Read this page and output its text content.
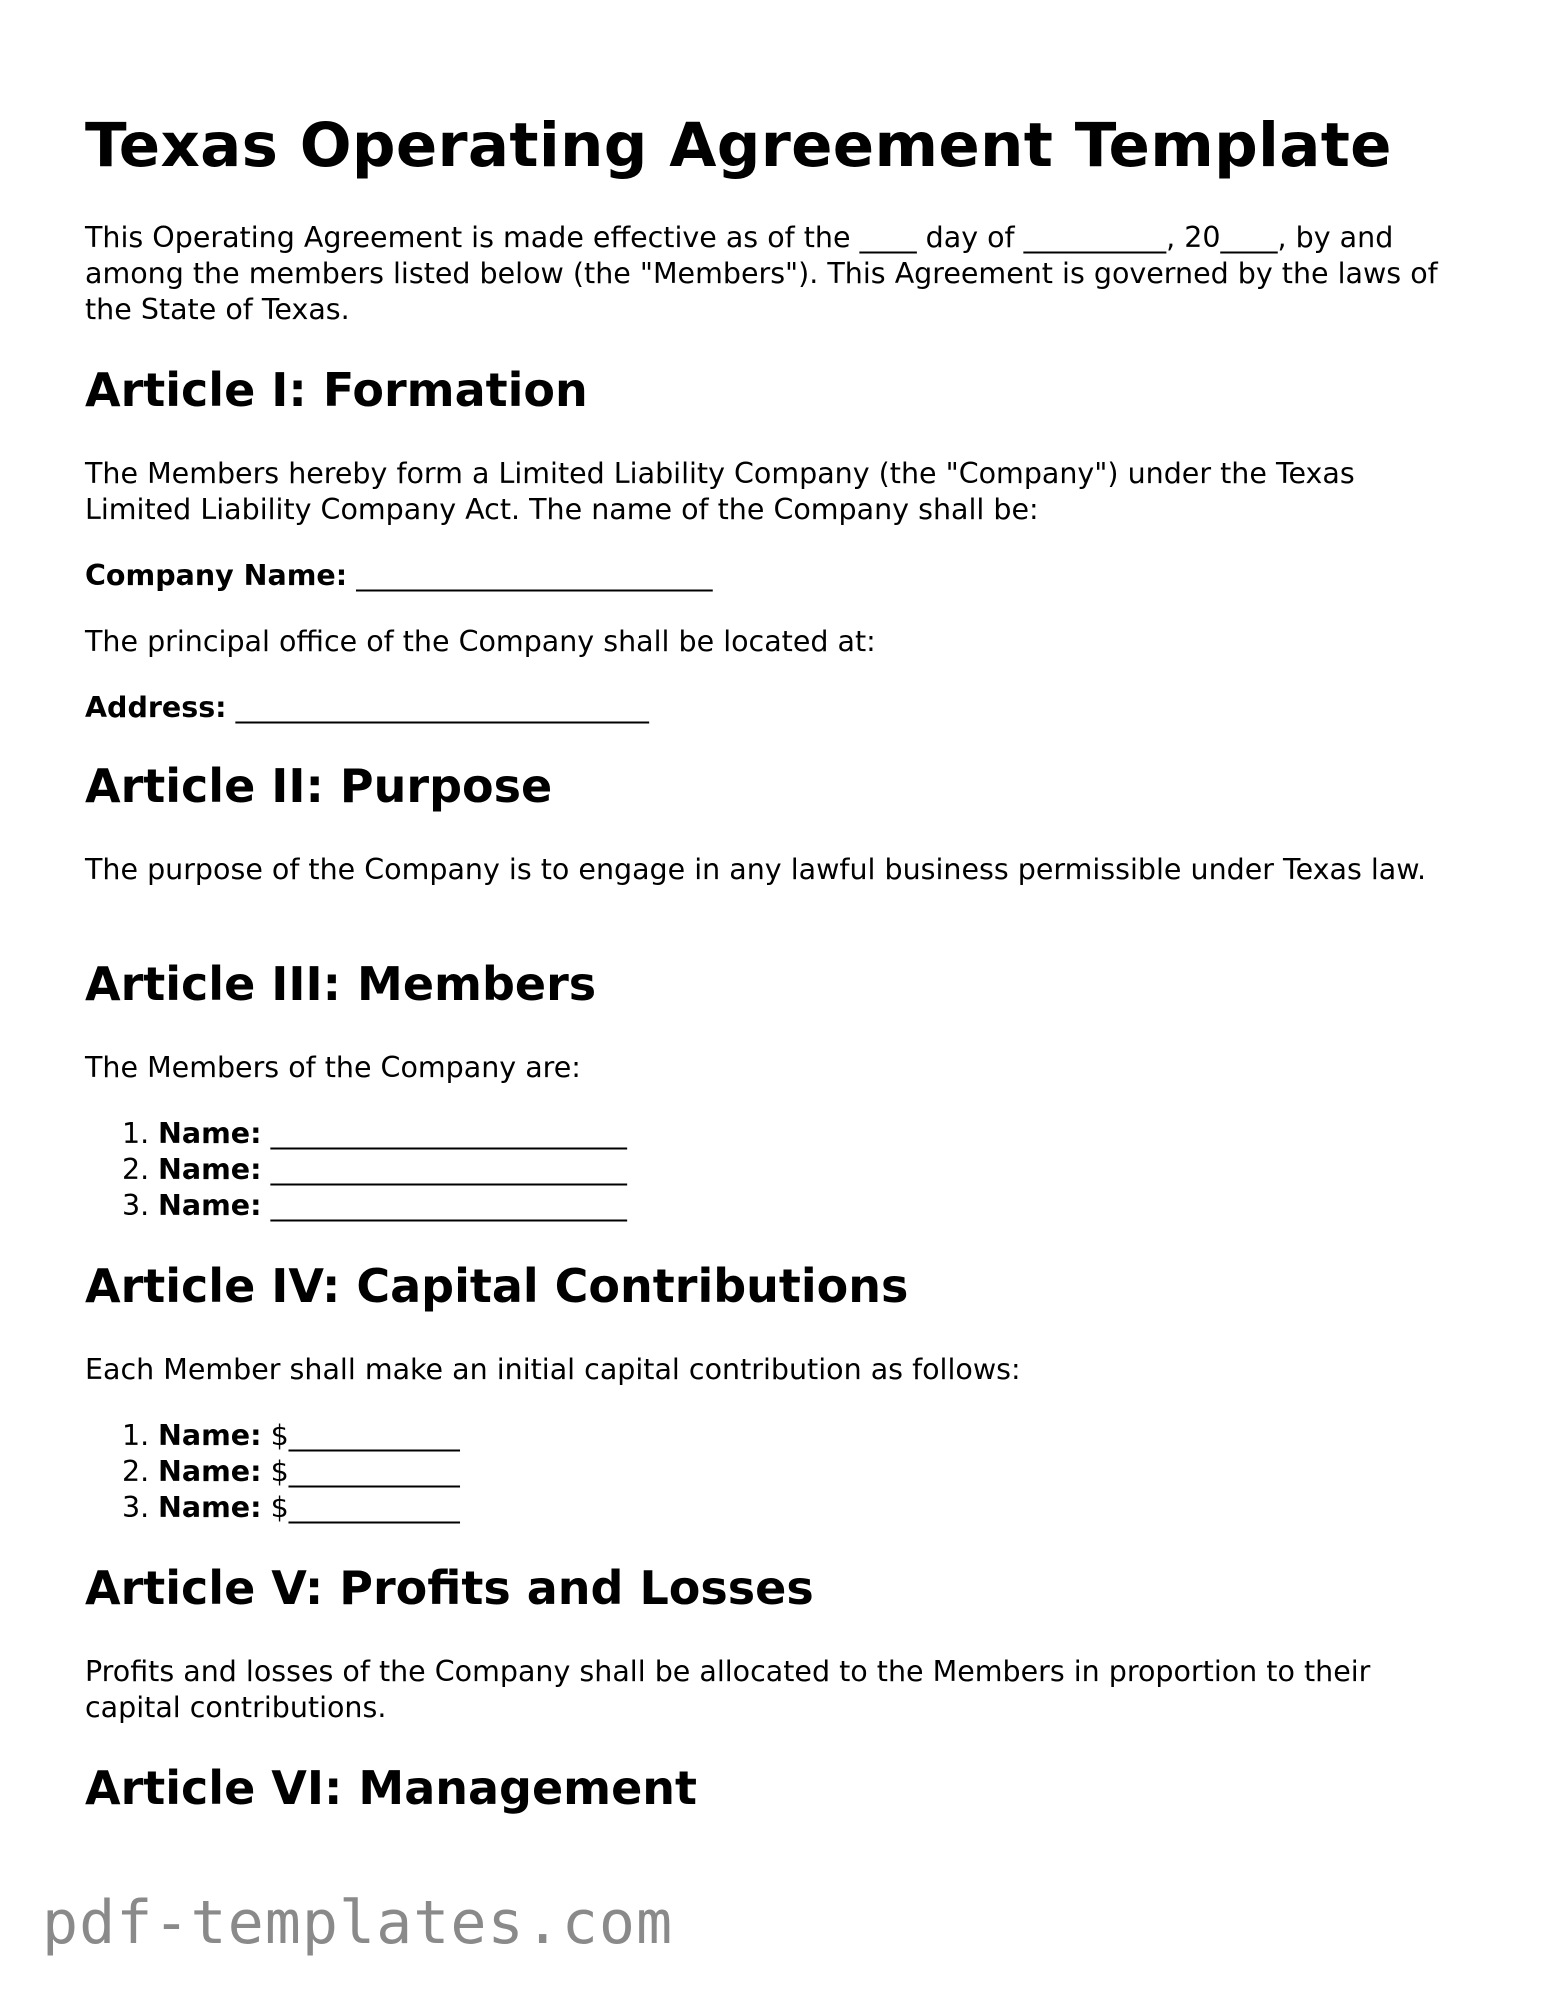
Texas Operating Agreement Template

This Operating Agreement is made effective as of the ____ day of __________, 20____, by and among the members listed below (the "Members"). This Agreement is governed by the laws of the State of Texas.

Article I: Formation

The Members hereby form a Limited Liability Company (the "Company") under the Texas Limited Liability Company Act. The name of the Company shall be:

Company Name: _________________________

The principal office of the Company shall be located at:

Address: _____________________________

Article II: Purpose

The purpose of the Company is to engage in any lawful business permissible under Texas law.

Article III: Members

The Members of the Company are:

1. Name: _________________________
2. Name: _________________________
3. Name: _________________________
Article IV: Capital Contributions

Each Member shall make an initial capital contribution as follows:

1. Name: $____________
2. Name: $____________
3. Name: $____________
Article V: Profits and Losses

Profits and losses of the Company shall be allocated to the Members in proportion to their capital contributions.

Article VI: Management
pdf-templates.com
